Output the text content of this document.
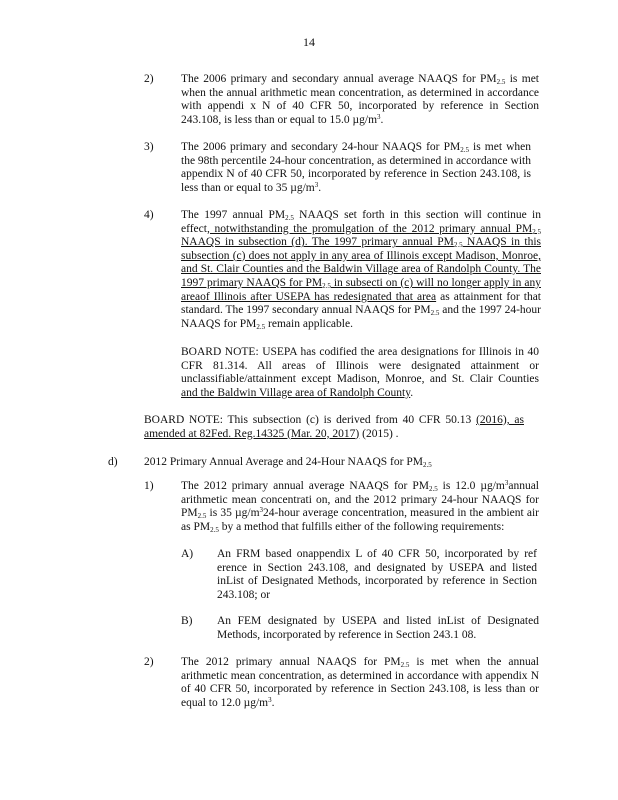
14
2) The 2006 primary and secondary annual average NAAQS for $PM_{2.5}$ is met when the annual arithmetic mean concentration, as determined in accordance with appendi x N of 40 CFR 50, incorporated by reference in Section 243.108, is less than or equal to 15.0 $\mu g/m^3$.
3) The 2006 primary and secondary 24-hour NAAQS for $PM_{2.5}$ is met when the 98th percentile 24-hour concentration, as determined in accordance with appendix N of 40 CFR 50, incorporated by reference in Section 243.108, is less than or equal to 35 $\mu g/m^3$.
4) The 1997 annual $PM_{2.5}$ NAAQS set forth in this section will continue in effect, notwithstanding the promulgation of the 2012 primary annual $PM_{2.5}$ NAAQS in subsection (d). The 1997 primary annual $PM_{2.5}$ NAAQS in this subsection (c) does not apply in any area of Illinois except Madison, Monroe, and St. Clair Counties and the Baldwin Village area of Randolph County. The 1997 primary NAAQS for $PM_{2.5}$ in subsecti on (c) will no longer apply in any areaof Illinois after USEPA has redesignated that area as attainment for that standard. The 1997 secondary annual NAAQS for $PM_{2.5}$ and the 1997 24-hour NAAQS for $PM_{2.5}$ remain applicable.
BOARD NOTE: USEPA has codified the area designations for Illinois in 40 CFR 81.314. All areas of Illinois were designated attainment or unclassifiable/attainment except Madison, Monroe, and St. Clair Counties and the Baldwin Village area of Randolph County.
BOARD NOTE: This subsection (c) is derived from 40 CFR 50.13 (2016), as amended at 82Fed. Reg.14325 (Mar. 20, 2017) (2015) .
d) 2012 Primary Annual Average and 24-Hour NAAQS for $PM_{2.5}$
1) The 2012 primary annual average NAAQS for $PM_{2.5}$ is 12.0 $\mu g/m^3annual$ arithmetic mean concentrati on, and the 2012 primary 24-hour NAAQS for $PM_{2.5}$ is 35 $\mu g/m^324$-hour average concentration, measured in the ambient air as $PM_{2.5}$ by a method that fulfills either of the following requirements:
A) An FRM based onappendix L of 40 CFR 50, incorporated by ref erence in Section 243.108, and designated by USEPA and listed inList of Designated Methods, incorporated by reference in Section 243.108; or
B) An FEM designated by USEPA and listed inList of Designated Methods, incorporated by reference in Section 243.1 08.
2) The 2012 primary annual NAAQS for $PM_{2.5}$ is met when the annual arithmetic mean concentration, as determined in accordance with appendix N of 40 CFR 50, incorporated by reference in Section 243.108, is less than or equal to 12.0 $\mu g/m^3$.
